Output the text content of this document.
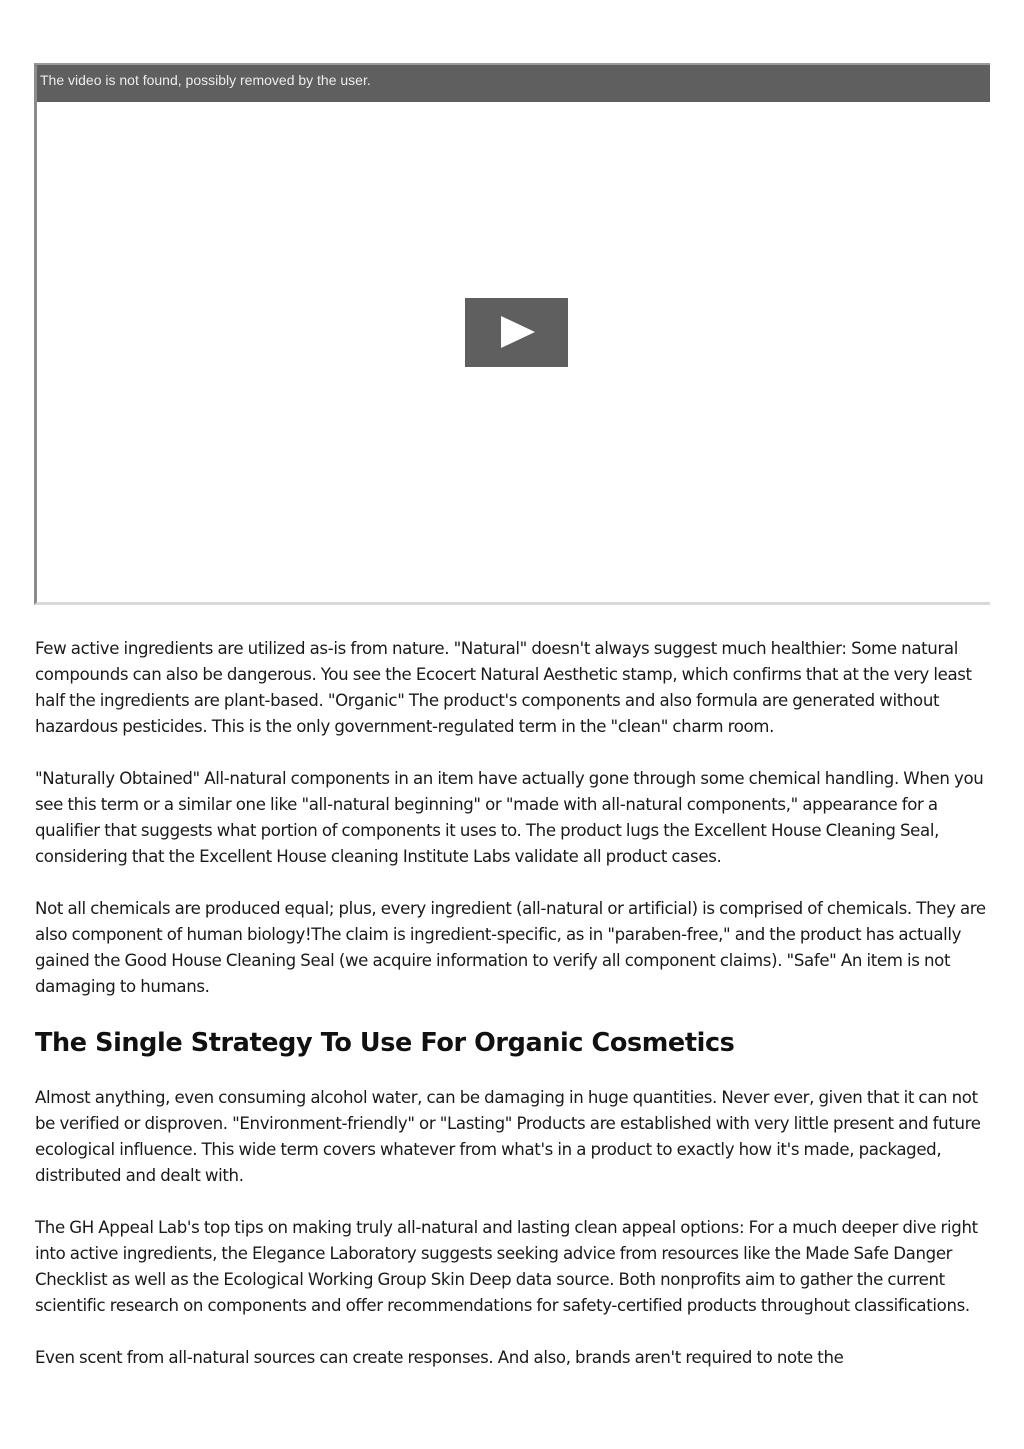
The video is not found, possibly removed by the user.

Few active ingredients are utilized as-is from nature. "Natural" doesn't always suggest much healthier: Some natural compounds can also be dangerous. You see the Ecocert Natural Aesthetic stamp, which confirms that at the very least half the ingredients are plant-based. "Organic" The product's components and also formula are generated without hazardous pesticides. This is the only government-regulated term in the "clean" charm room.

"Naturally Obtained" All-natural components in an item have actually gone through some chemical handling. When you see this term or a similar one like "all-natural beginning" or "made with all-natural components," appearance for a qualifier that suggests what portion of components it uses to. The product lugs the Excellent House Cleaning Seal, considering that the Excellent House cleaning Institute Labs validate all product cases.

Not all chemicals are produced equal; plus, every ingredient (all-natural or artificial) is comprised of chemicals. They are also component of human biology!The claim is ingredient-specific, as in "paraben-free," and the product has actually gained the Good House Cleaning Seal (we acquire information to verify all component claims). "Safe" An item is not damaging to humans.

The Single Strategy To Use For Organic Cosmetics

Almost anything, even consuming alcohol water, can be damaging in huge quantities. Never ever, given that it can not be verified or disproven. "Environment-friendly" or "Lasting" Products are established with very little present and future ecological influence. This wide term covers whatever from what's in a product to exactly how it's made, packaged, distributed and dealt with.

The GH Appeal Lab's top tips on making truly all-natural and lasting clean appeal options: For a much deeper dive right into active ingredients, the Elegance Laboratory suggests seeking advice from resources like the Made Safe Danger Checklist as well as the Ecological Working Group Skin Deep data source. Both nonprofits aim to gather the current scientific research on components and offer recommendations for safety-certified products throughout classifications.

Even scent from all-natural sources can create responses. And also, brands aren't required to note the
